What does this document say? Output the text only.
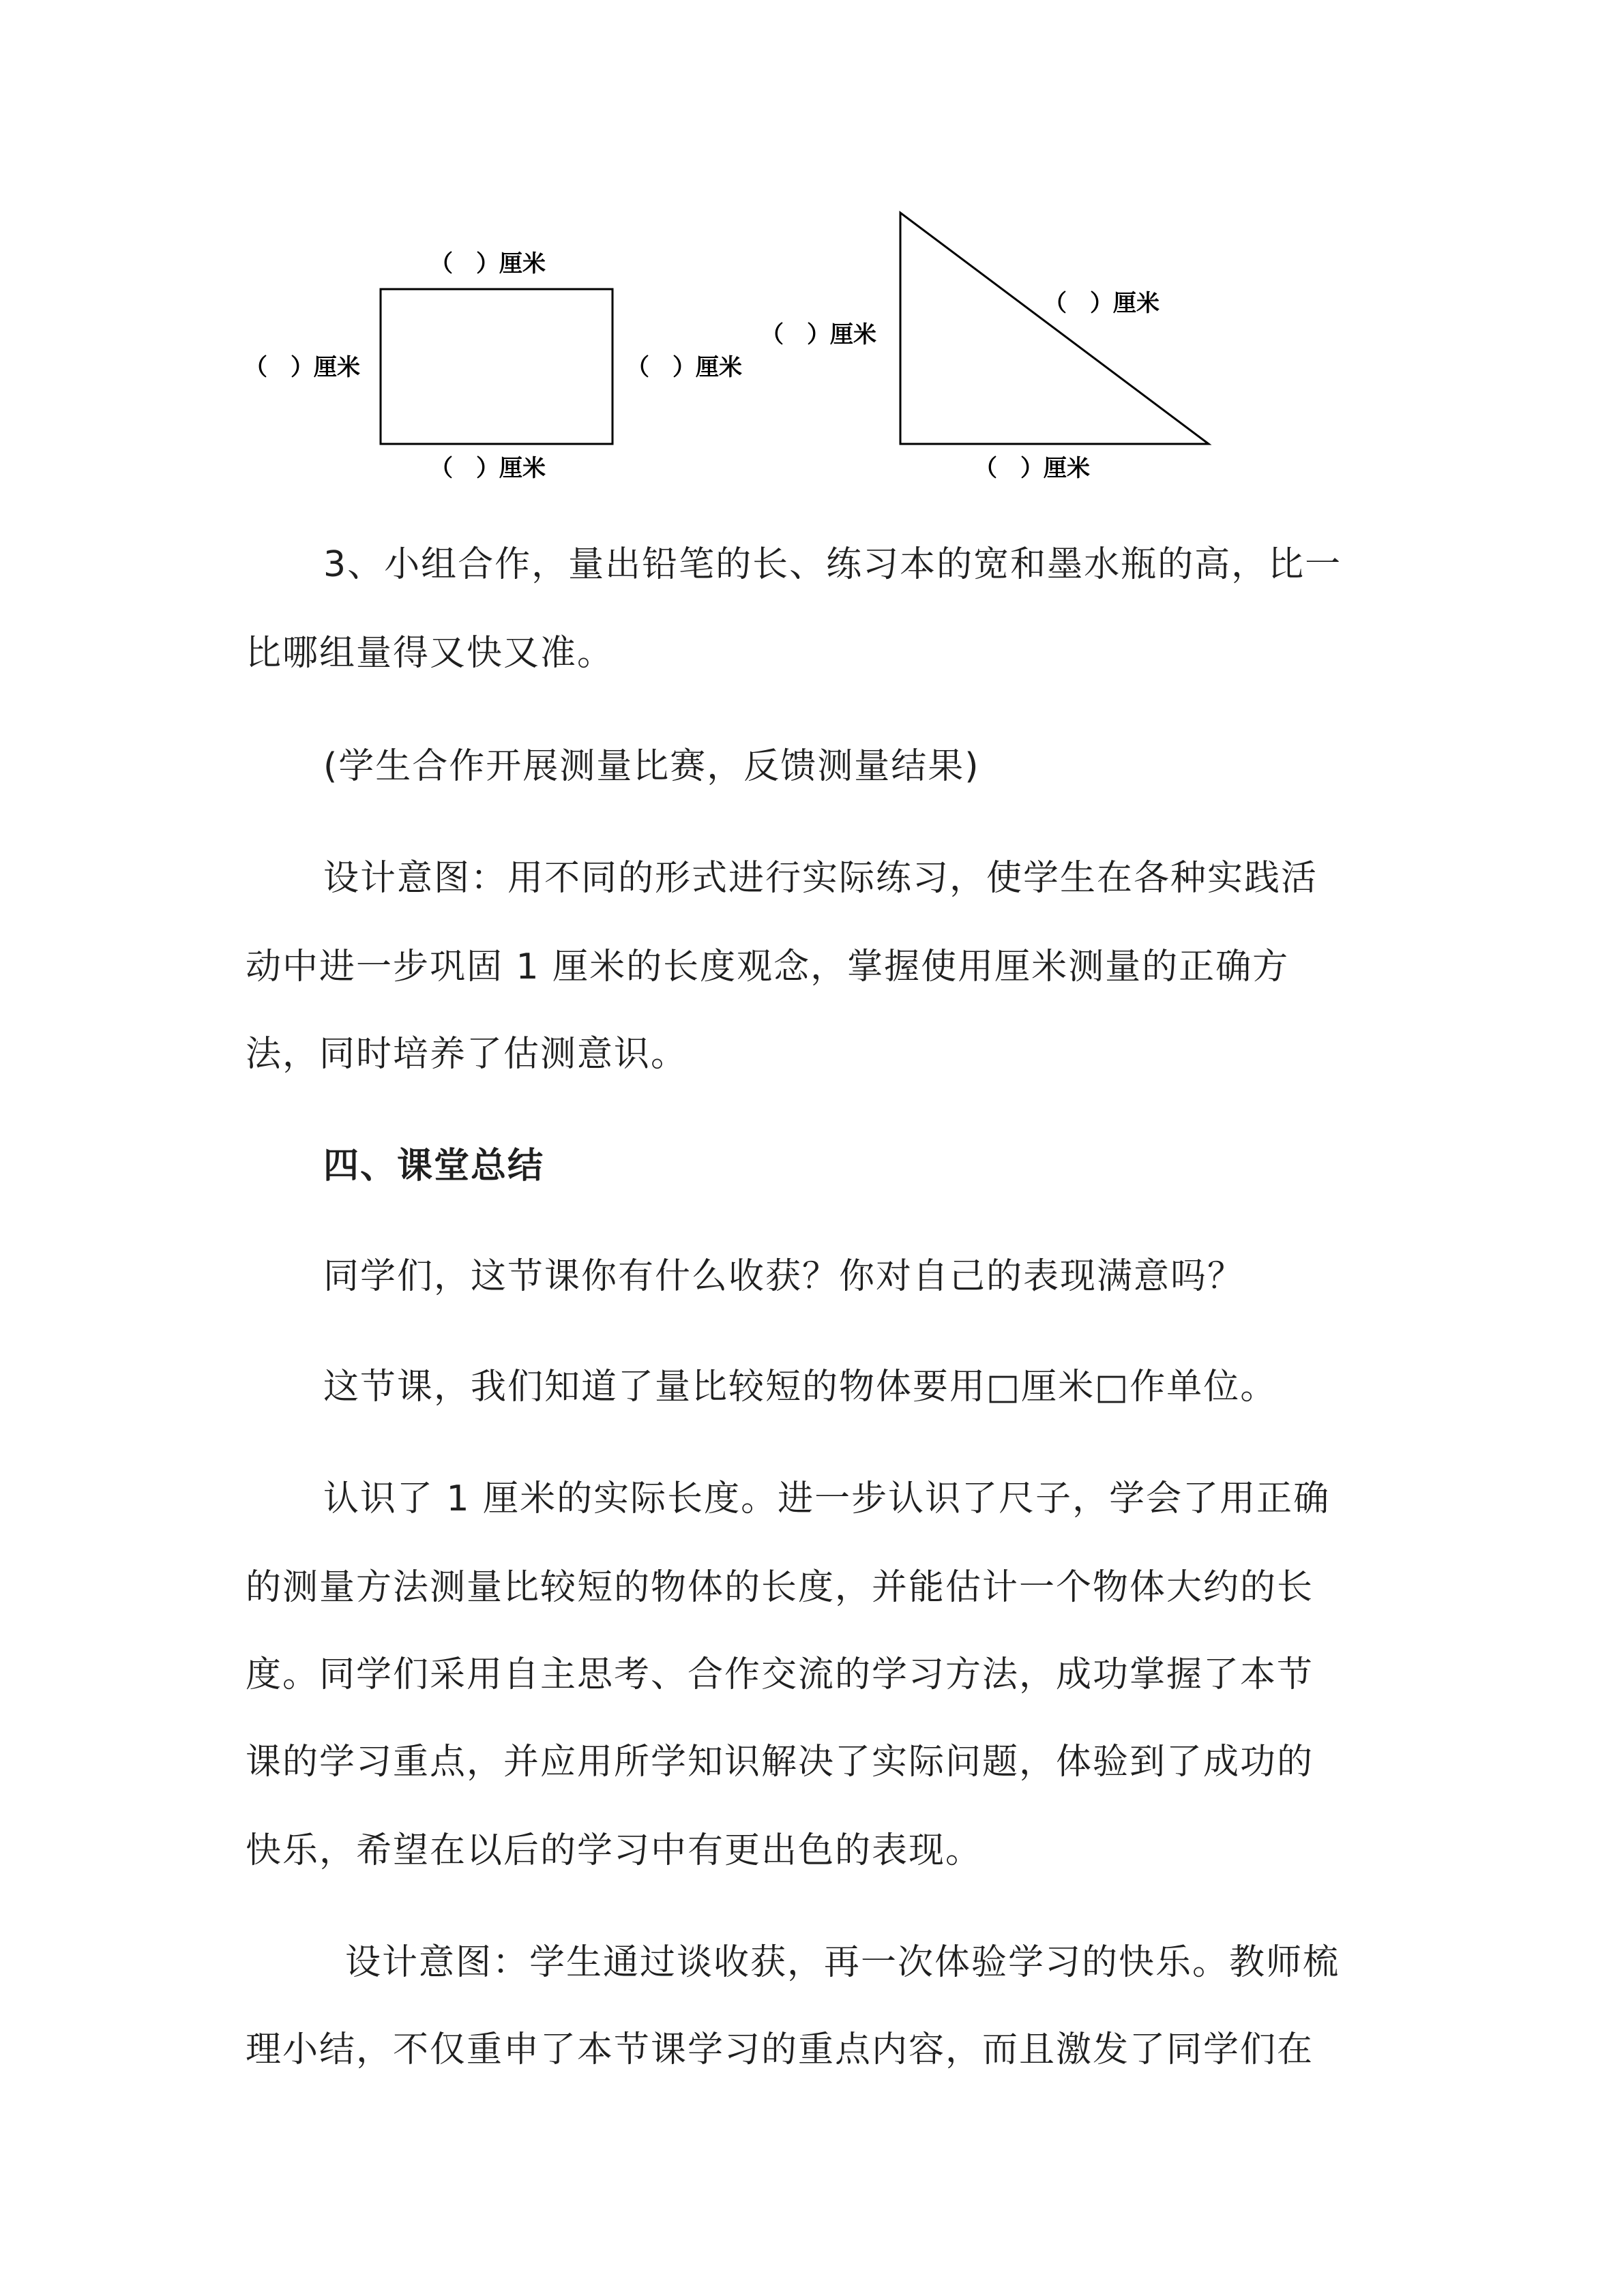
（　）厘米
（　）厘米	（　）厘米
（　）厘米
（　）厘米
（　）厘米
（　）厘米
3、小组合作，量出铅笔的长、练习本的宽和墨水瓶的高，比一
比哪组量得又快又准。
(学生合作开展测量比赛，反馈测量结果)
设计意图：用不同的形式进行实际练习，使学生在各种实践活
动中进一步巩固 1 厘米的长度观念，掌握使用厘米测量的正确方
法，同时培养了估测意识。
四、课堂总结
同学们，这节课你有什么收获？你对自己的表现满意吗？
这节课，我们知道了量比较短的物体要用□厘米□作单位。
认识了 1 厘米的实际长度。进一步认识了尺子，学会了用正确
的测量方法测量比较短的物体的长度，并能估计一个物体大约的长
度。同学们采用自主思考、合作交流的学习方法，成功掌握了本节
课的学习重点，并应用所学知识解决了实际问题，体验到了成功的
快乐，希望在以后的学习中有更出色的表现。
设计意图：学生通过谈收获，再一次体验学习的快乐。教师梳
理小结，不仅重申了本节课学习的重点内容，而且激发了同学们在
